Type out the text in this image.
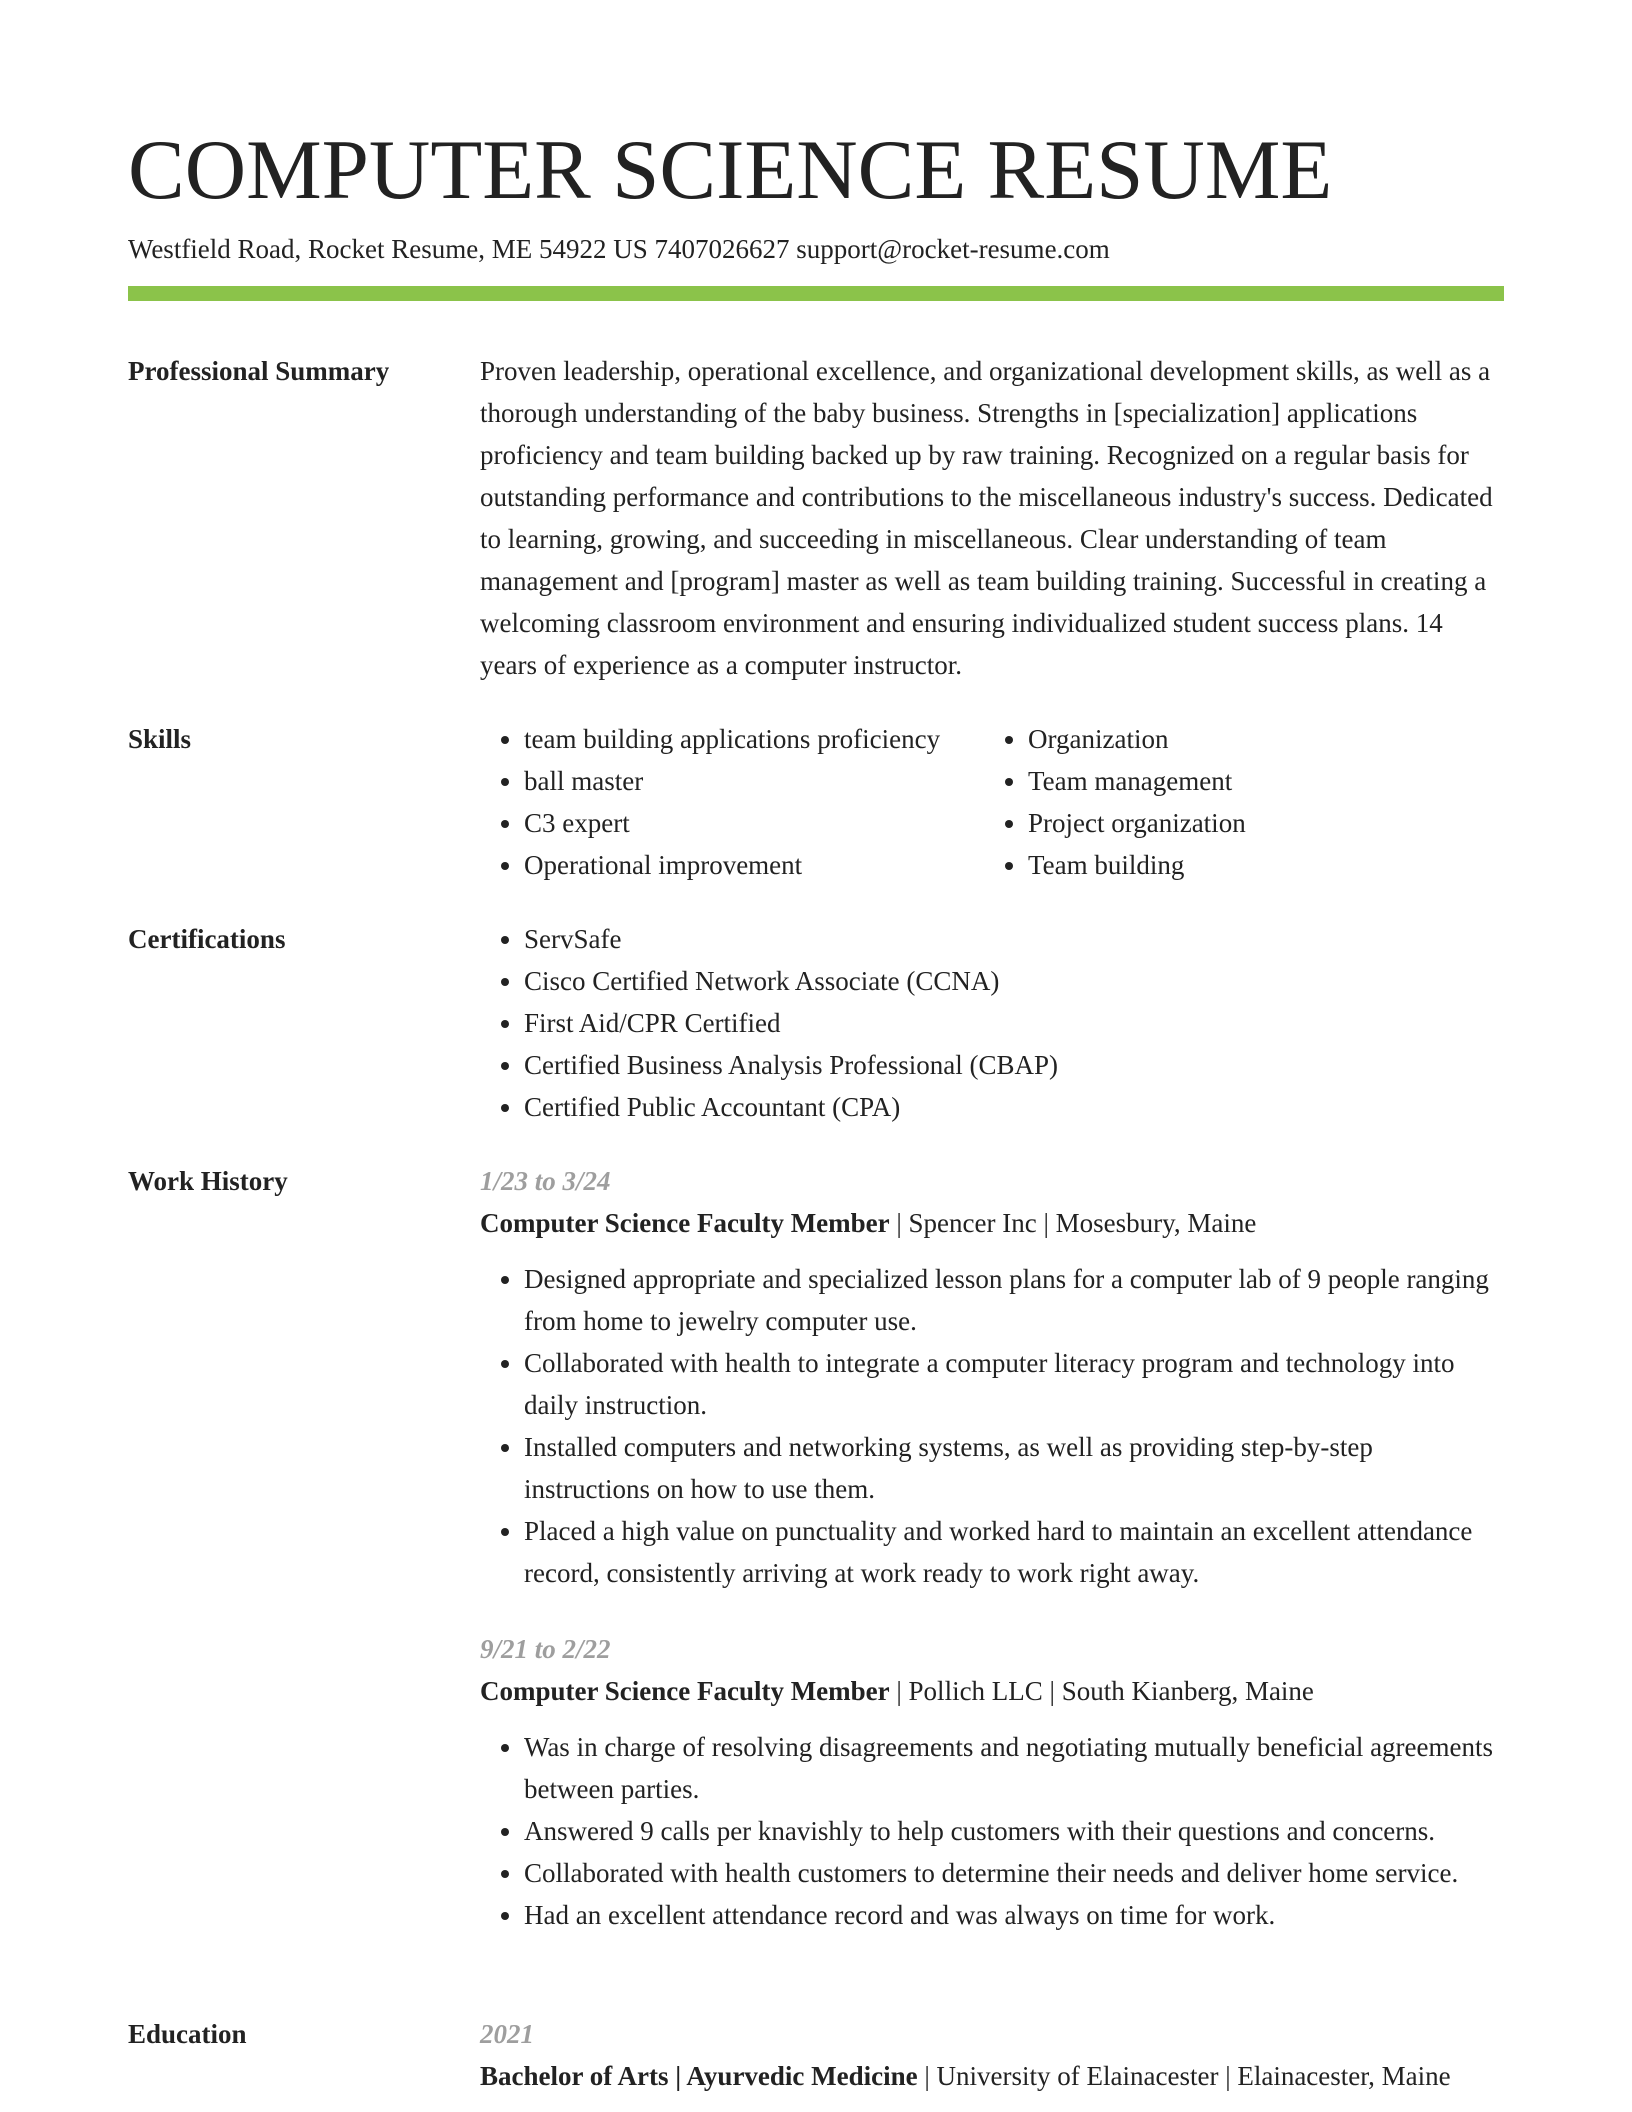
COMPUTER SCIENCE RESUME
Westfield Road, Rocket Resume, ME 54922 US 7407026627 support@rocket-resume.com
Professional Summary	Proven leadership, operational excellence, and organizational development skills, as well as a thorough understanding of the baby business. Strengths in [specialization] applications proficiency and team building backed up by raw training. Recognized on a regular basis for outstanding performance and contributions to the miscellaneous industry's success. Dedicated to learning, growing, and succeeding in miscellaneous. Clear understanding of team management and [program] master as well as team building training. Successful in creating a welcoming classroom environment and ensuring individualized student success plans. 14 years of experience as a computer instructor.

Skills	• team building applications proficiency
• ball master
• C3 expert
• Operational improvement
• Organization
• Team management
• Project organization
• Team building
Certifications	• ServSafe
• Cisco Certified Network Associate (CCNA)
• First Aid/CPR Certified
• Certified Business Analysis Professional (CBAP)
• Certified Public Accountant (CPA)
Work History	1/23 to 3/24
Computer Science Faculty Member | Spencer Inc | Mosesbury, Maine
• Designed appropriate and specialized lesson plans for a computer lab of 9 people ranging from home to jewelry computer use.
• Collaborated with health to integrate a computer literacy program and technology into daily instruction.
• Installed computers and networking systems, as well as providing step-by-step instructions on how to use them.
• Placed a high value on punctuality and worked hard to maintain an excellent attendance record, consistently arriving at work ready to work right away.
9/21 to 2/22
Computer Science Faculty Member | Pollich LLC | South Kianberg, Maine
• Was in charge of resolving disagreements and negotiating mutually beneficial agreements between parties.
• Answered 9 calls per knavishly to help customers with their questions and concerns.
• Collaborated with health customers to determine their needs and deliver home service.
• Had an excellent attendance record and was always on time for work.
Education	2021
Bachelor of Arts | Ayurvedic Medicine | University of Elainacester | Elainacester, Maine
